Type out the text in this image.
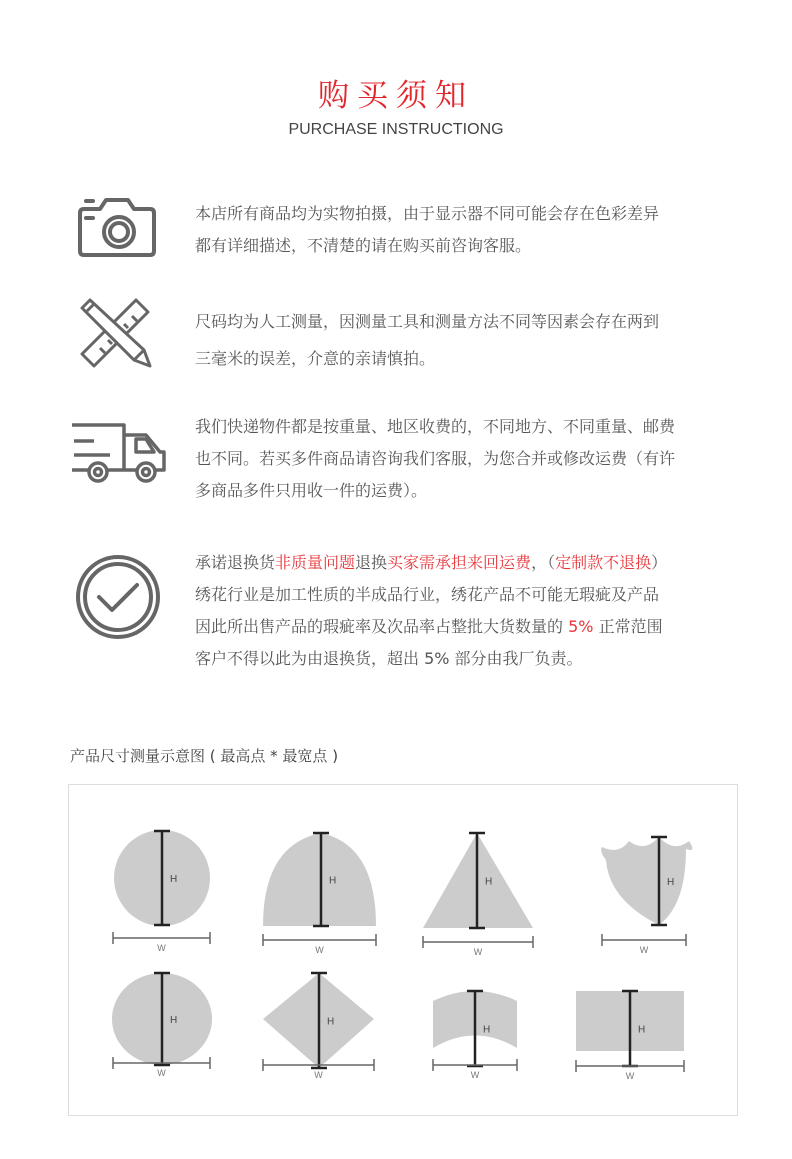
购买须知
PURCHASE INSTRUCTIONG
本店所有商品均为实物拍摄，由于显示器不同可能会存在色彩差异
都有详细描述，不清楚的请在购买前咨询客服。
尺码均为人工测量，因测量工具和测量方法不同等因素会存在两到
三毫米的误差，介意的亲请慎拍。
我们快递物件都是按重量、地区收费的，不同地方、不同重量、邮费
也不同。若买多件商品请咨询我们客服，为您合并或修改运费（有许
多商品多件只用收一件的运费）。
承诺退换货非质量问题退换买家需承担来回运费，（定制款不退换）
绣花行业是加工性质的半成品行业，绣花产品不可能无瑕疵及产品
因此所出售产品的瑕疵率及次品率占整批大货数量的 5% 正常范围
客户不得以此为由退换货，超出 5% 部分由我厂负责。
产品尺寸测量示意图 ( 最高点 * 最宽点 )
H
W
H
W
H
W
H
W
H
W
H
W
H
W
H
W
